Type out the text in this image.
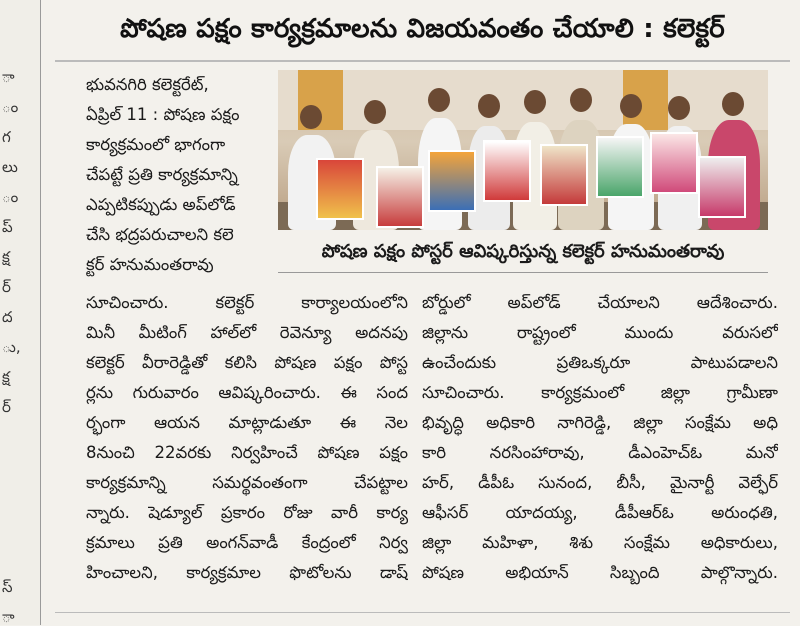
ా
ం
గ
లు
ం
ప్
క్ష
ర్
ద
ు,
క్ష
ర్
స్
ా
పోషణ పక్షం కార్యక్రమాలను విజయవంతం చేయాలి : కలెక్టర్
భువనగిరి కలెక్టరేట్,
ఏప్రిల్ 11 : పోషణ పక్షం
కార్యక్రమంలో భాగంగా
చేపట్టే ప్రతి కార్యక్రమాన్ని
ఎప్పటికప్పుడు అప్‌లోడ్
చేసి భద్రపరుచాలని కలె
క్టర్ హనుమంతరావు
పోషణ పక్షం పోస్టర్ ఆవిష్కరిస్తున్న కలెక్టర్ హనుమంతరావు
సూచించారు. కలెక్టర్ కార్యాలయంలోని
మినీ మీటింగ్ హాల్‌లో రెవెన్యూ అదనపు
కలెక్టర్ వీరారెడ్డితో కలిసి పోషణ పక్షం పోస్ట
ర్లను గురువారం ఆవిష్కరించారు. ఈ సంద
ర్భంగా ఆయన మాట్లాడుతూ ఈ నెల
8నుంచి 22వరకు నిర్వహించే పోషణ పక్షం
కార్యక్రమాన్ని సమర్థవంతంగా చేపట్టాల
న్నారు. షెడ్యూల్ ప్రకారం రోజు వారీ కార్య
క్రమాలు ప్రతి అంగన్‌వాడీ కేంద్రంలో నిర్వ
హించాలని, కార్యక్రమాల ఫొటోలను డాష్
బోర్డులో అప్‌లోడ్ చేయాలని ఆదేశించారు.
జిల్లాను రాష్ట్రంలో ముందు వరుసలో
ఉంచేందుకు ప్రతిఒక్కరూ పాటుపడాలని
సూచించారు. కార్యక్రమంలో జిల్లా గ్రామీణా
భివృద్ధి అధికారి నాగిరెడ్డి, జిల్లా సంక్షేమ అధి
కారి నరసింహారావు, డీఎంహెచ్‌ఓ మనో
హర్, డీపీఓ సునంద, బీసీ, మైనార్టీ వెల్ఫేర్
ఆఫీసర్ యాదయ్య, డీపీఆర్‌ఓ అరుంధతి,
జిల్లా మహిళా, శిశు సంక్షేమ అధికారులు,
పోషణ అభియాన్ సిబ్బంది పాల్గొన్నారు.
